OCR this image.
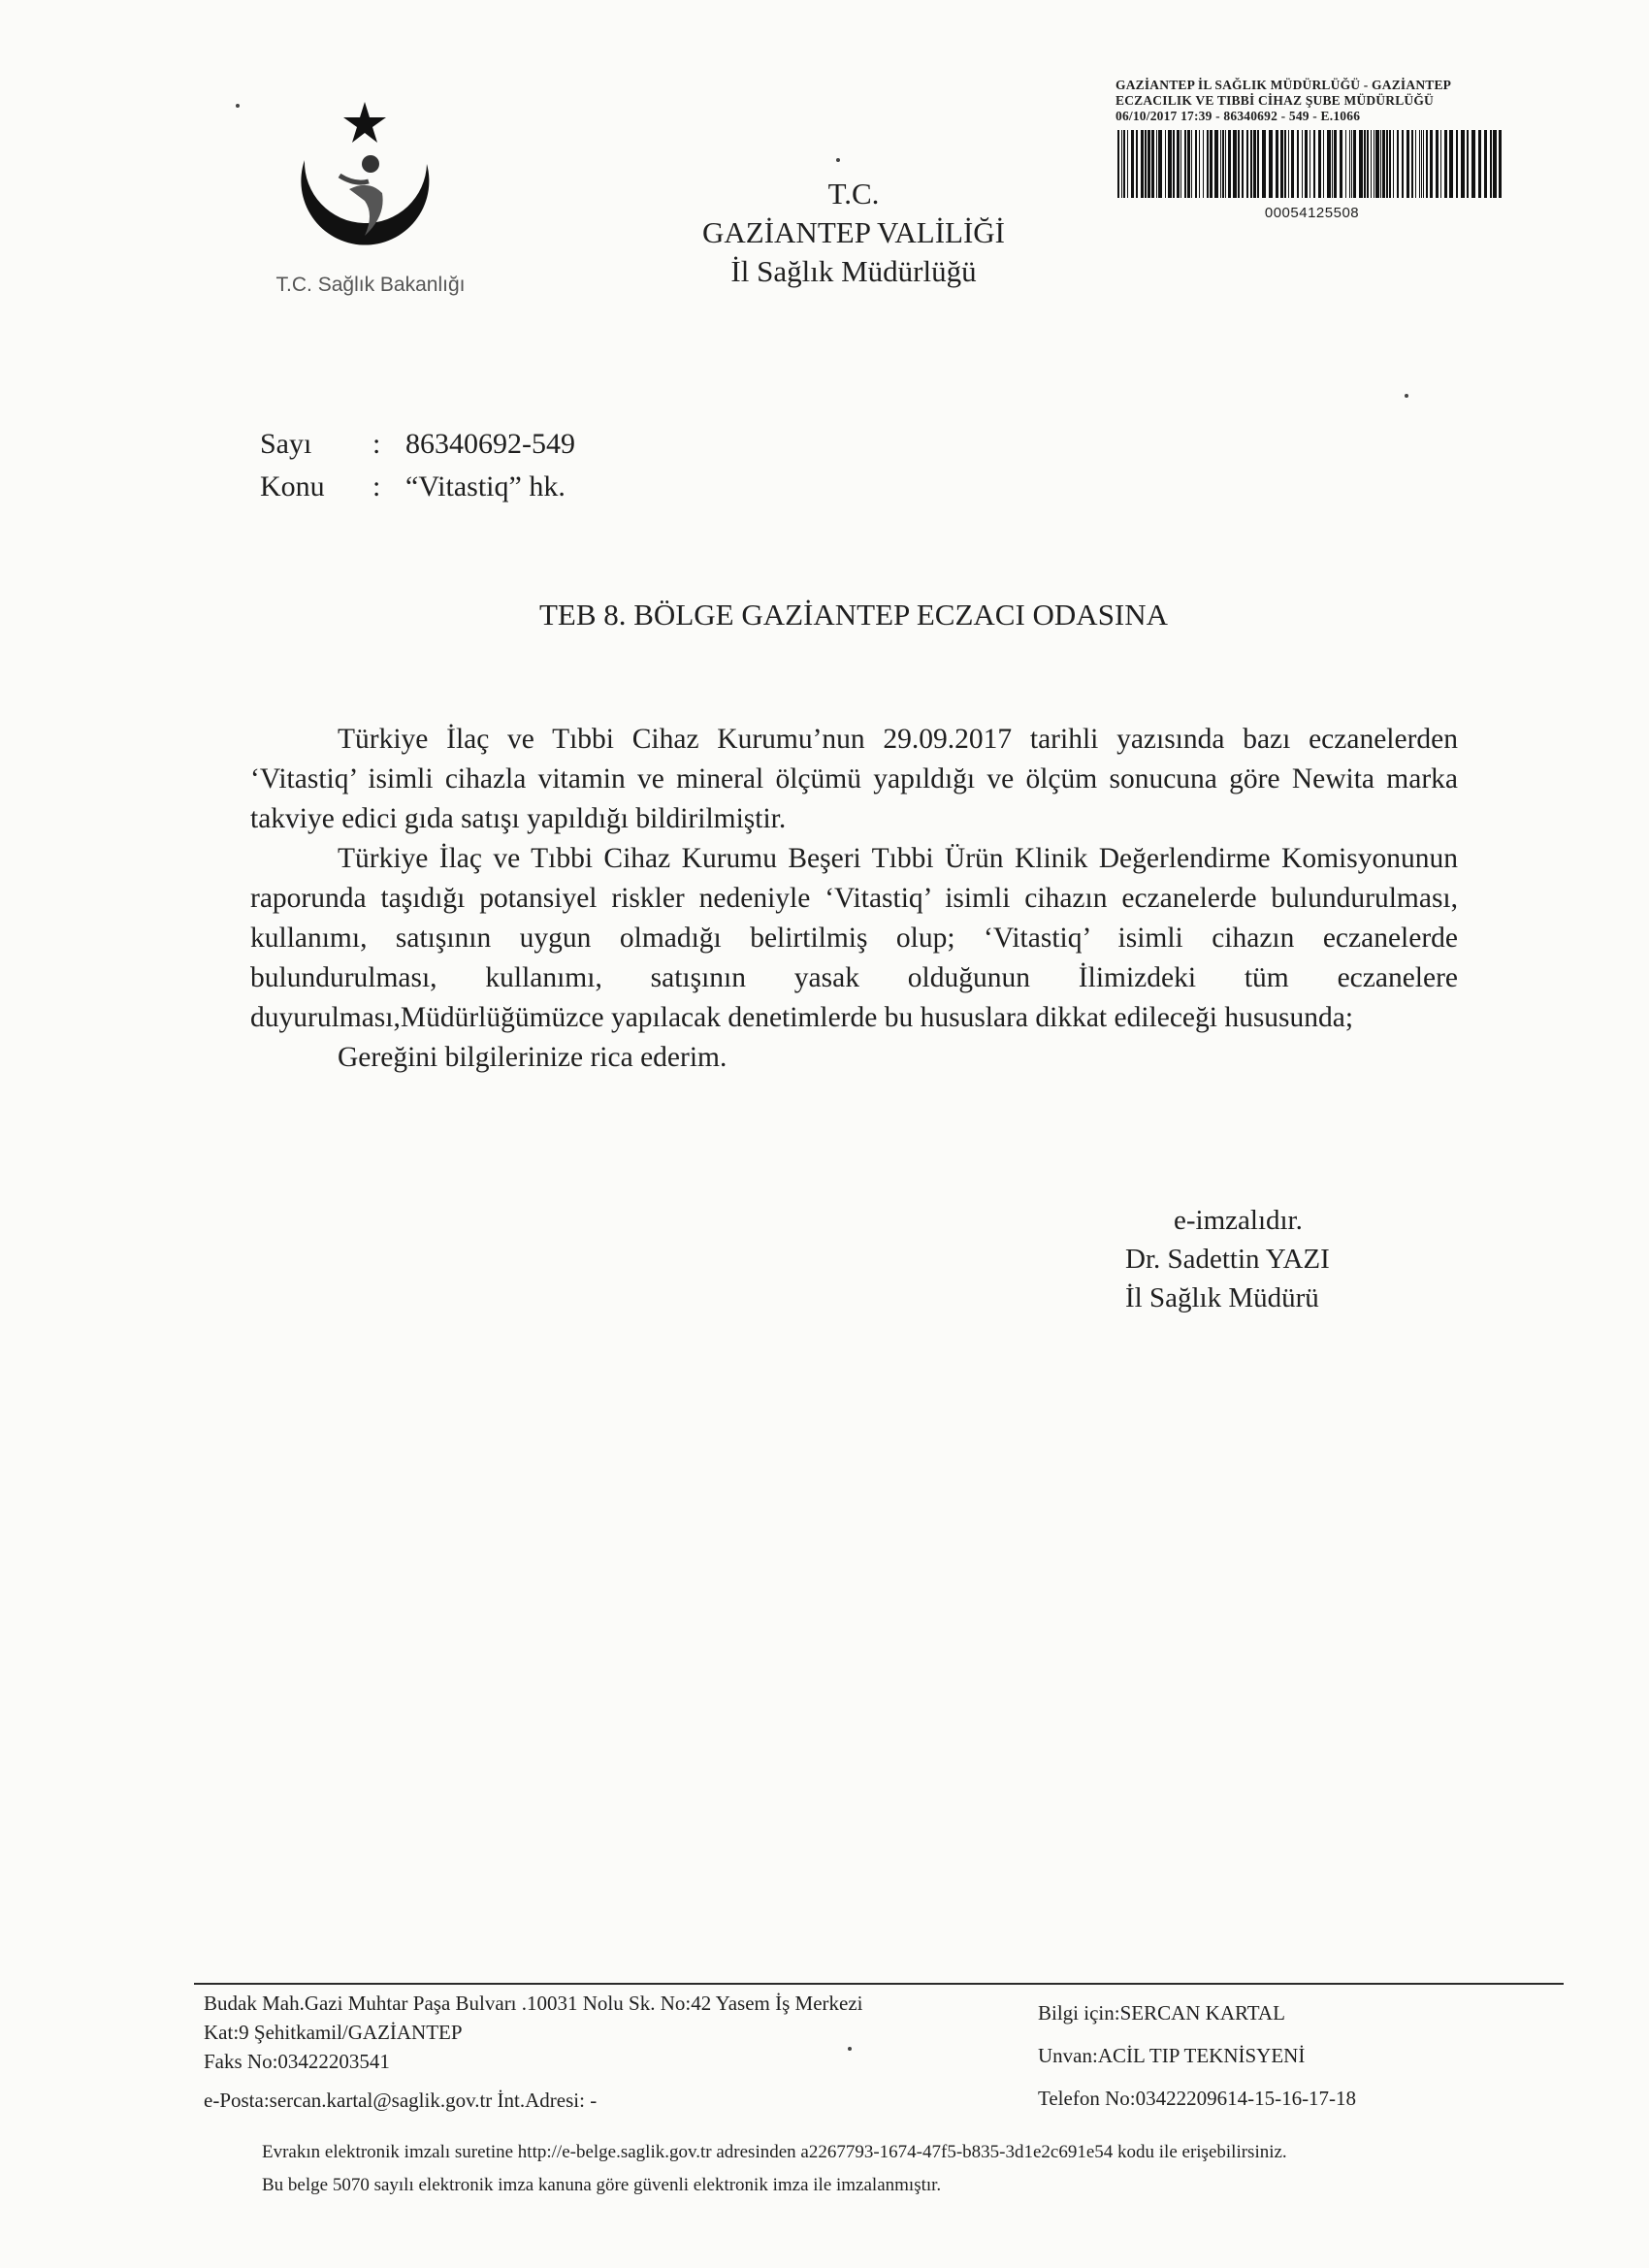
T.C. Sağlık Bakanlığı
T.C.
GAZİANTEP VALİLİĞİ
İl Sağlık Müdürlüğü
GAZİANTEP İL SAĞLIK MÜDÜRLÜĞÜ - GAZİANTEP
ECZACILIK VE TIBBİ CİHAZ ŞUBE MÜDÜRLÜĞÜ
06/10/2017 17:39 - 86340692 - 549 - E.1066
00054125508
Sayı	: 86340692-549
Konu	: “Vitastiq” hk.
TEB 8. BÖLGE GAZİANTEP ECZACI ODASINA

Türkiye İlaç ve Tıbbi Cihaz Kurumu’nun 29.09.2017 tarihli yazısında bazı eczanelerden ‘Vitastiq’ isimli cihazla vitamin ve mineral ölçümü yapıldığı ve ölçüm sonucuna göre Newita marka takviye edici gıda satışı yapıldığı bildirilmiştir.

Türkiye İlaç ve Tıbbi Cihaz Kurumu Beşeri Tıbbi Ürün Klinik Değerlendirme Komisyonunun raporunda taşıdığı potansiyel riskler nedeniyle ‘Vitastiq’ isimli cihazın eczanelerde bulundurulması, kullanımı, satışının uygun olmadığı belirtilmiş olup; ‘Vitastiq’ isimli cihazın eczanelerde bulundurulması, kullanımı, satışının yasak olduğunun İlimizdeki tüm eczanelere duyurulması,Müdürlüğümüzce yapılacak denetimlerde bu hususlara dikkat edileceği hususunda;

Gereğini bilgilerinize rica ederim.

e-imzalıdır.
Dr. Sadettin YAZI
İl Sağlık Müdürü
Budak Mah.Gazi Muhtar Paşa Bulvarı .10031 Nolu Sk. No:42 Yasem İş Merkezi
Kat:9 Şehitkamil/GAZİANTEP
Faks No:03422203541
e-Posta:sercan.kartal@saglik.gov.tr İnt.Adresi: -
Bilgi için:SERCAN KARTAL
Unvan:ACİL TIP TEKNİSYENİ
Telefon No:03422209614-15-16-17-18
Evrakın elektronik imzalı suretine http://e-belge.saglik.gov.tr adresinden a2267793-1674-47f5-b835-3d1e2c691e54 kodu ile erişebilirsiniz.
Bu belge 5070 sayılı elektronik imza kanuna göre güvenli elektronik imza ile imzalanmıştır.
